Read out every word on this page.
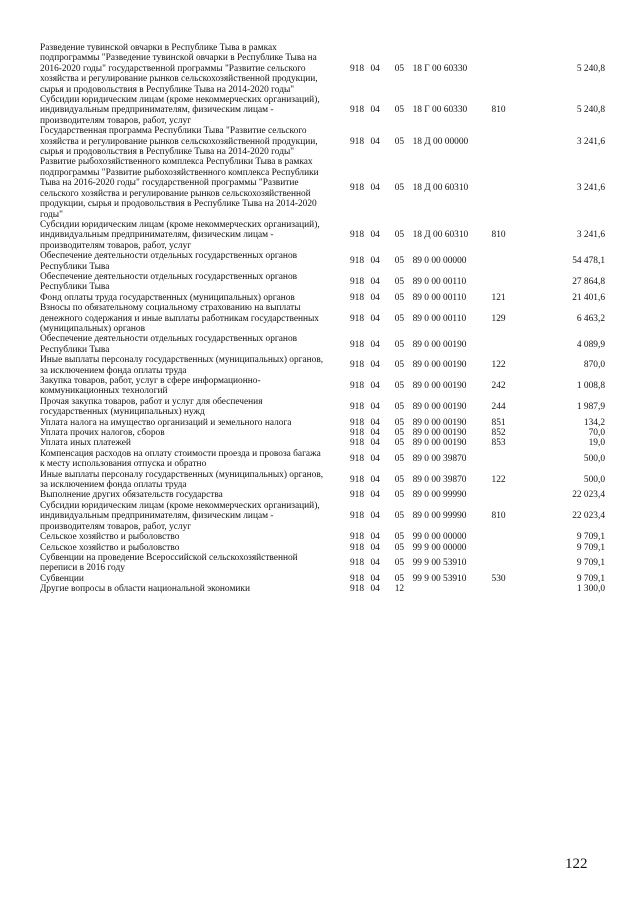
Разведение тувинской овчарки в Республике Тыва в рамках подпрограммы "Разведение тувинской овчарки в Республике Тыва на 2016-2020 годы" государственной программы "Развитие сельского хозяйства и регулирование рынков сельскохозяйственной продукции, сырья и продовольствия в Республике Тыва на 2014-2020 годы"	918	04	05	18 Г 00 60330		5 240,8
Субсидии юридическим лицам (кроме некоммерческих организаций), индивидуальным предпринимателям, физическим лицам - производителям товаров, работ, услуг	918	04	05	18 Г 00 60330	810	5 240,8
Государственная программа Республики Тыва "Развитие сельского хозяйства и регулирование рынков сельскохозяйственной продукции, сырья и продовольствия в Республике Тыва на 2014-2020 годы"	918	04	05	18 Д 00 00000		3 241,6
Развитие рыбохозяйственного комплекса Республики Тыва в рамках подпрограммы "Развитие рыбохозяйственного комплекса Республики Тыва на 2016-2020 годы" государственной программы "Развитие сельского хозяйства и регулирование рынков сельскохозяйственной продукции, сырья и продовольствия в Республике Тыва на 2014-2020 годы"	918	04	05	18 Д 00 60310		3 241,6
Субсидии юридическим лицам (кроме некоммерческих организаций), индивидуальным предпринимателям, физическим лицам - производителям товаров, работ, услуг	918	04	05	18 Д 00 60310	810	3 241,6
Обеспечение деятельности отдельных государственных органов Республики Тыва	918	04	05	89 0 00 00000		54 478,1
Обеспечение деятельности отдельных государственных органов Республики Тыва	918	04	05	89 0 00 00110		27 864,8
Фонд оплаты труда государственных (муниципальных) органов	918	04	05	89 0 00 00110	121	21 401,6
Взносы по обязательному социальному страхованию на выплаты денежного содержания и иные выплаты работникам государственных (муниципальных) органов	918	04	05	89 0 00 00110	129	6 463,2
Обеспечение деятельности отдельных государственных органов Республики Тыва	918	04	05	89 0 00 00190		4 089,9
Иные выплаты персоналу государственных (муниципальных) органов, за исключением фонда оплаты труда	918	04	05	89 0 00 00190	122	870,0
Закупка товаров, работ, услуг в сфере информационно-коммуникационных технологий	918	04	05	89 0 00 00190	242	1 008,8
Прочая закупка товаров, работ и услуг для обеспечения государственных (муниципальных) нужд	918	04	05	89 0 00 00190	244	1 987,9
Уплата налога на имущество организаций и земельного налога	918	04	05	89 0 00 00190	851	134,2
Уплата прочих налогов, сборов	918	04	05	89 0 00 00190	852	70,0
Уплата иных платежей	918	04	05	89 0 00 00190	853	19,0
Компенсация расходов на оплату стоимости проезда и провоза багажа к месту использования отпуска и обратно	918	04	05	89 0 00 39870		500,0
Иные выплаты персоналу государственных (муниципальных) органов, за исключением фонда оплаты труда	918	04	05	89 0 00 39870	122	500,0
Выполнение других обязательств государства	918	04	05	89 0 00 99990		22 023,4
Субсидии юридическим лицам (кроме некоммерческих организаций), индивидуальным предпринимателям, физическим лицам - производителям товаров, работ, услуг	918	04	05	89 0 00 99990	810	22 023,4
Сельское хозяйство и рыболовство	918	04	05	99 0 00 00000		9 709,1
Сельское хозяйство и рыболовство	918	04	05	99 9 00 00000		9 709,1
Субвенции на проведение Всероссийской сельскохозяйственной переписи в 2016 году	918	04	05	99 9 00 53910		9 709,1
Субвенции	918	04	05	99 9 00 53910	530	9 709,1
Другие вопросы в области национальной экономики	918	04	12			1 300,0
122
